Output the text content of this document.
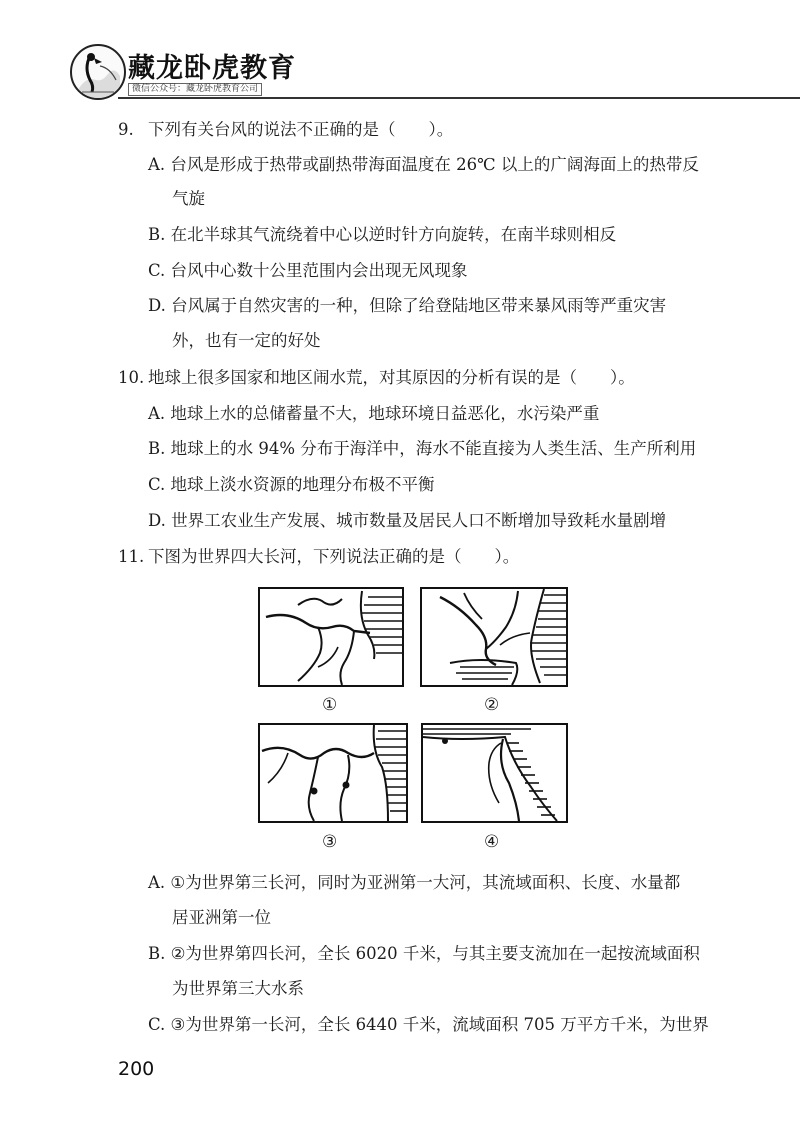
藏龙卧虎教育
微信公众号：藏龙卧虎教育公司
9. 下列有关台风的说法不正确的是（　　）。
A. 台风是形成于热带或副热带海面温度在 26℃ 以上的广阔海面上的热带反
气旋
B. 在北半球其气流绕着中心以逆时针方向旋转，在南半球则相反
C. 台风中心数十公里范围内会出现无风现象
D. 台风属于自然灾害的一种，但除了给登陆地区带来暴风雨等严重灾害
外，也有一定的好处
10. 地球上很多国家和地区闹水荒，对其原因的分析有误的是（　　）。
A. 地球上水的总储蓄量不大，地球环境日益恶化，水污染严重
B. 地球上的水 94% 分布于海洋中，海水不能直接为人类生活、生产所利用
C. 地球上淡水资源的地理分布极不平衡
D. 世界工农业生产发展、城市数量及居民人口不断增加导致耗水量剧增
11. 下图为世界四大长河，下列说法正确的是（　　）。
①	②
③	④
A. ①为世界第三长河，同时为亚洲第一大河，其流域面积、长度、水量都
居亚洲第一位
B. ②为世界第四长河，全长 6020 千米，与其主要支流加在一起按流域面积
为世界第三大水系
C. ③为世界第一长河，全长 6440 千米，流域面积 705 万平方千米，为世界
200
